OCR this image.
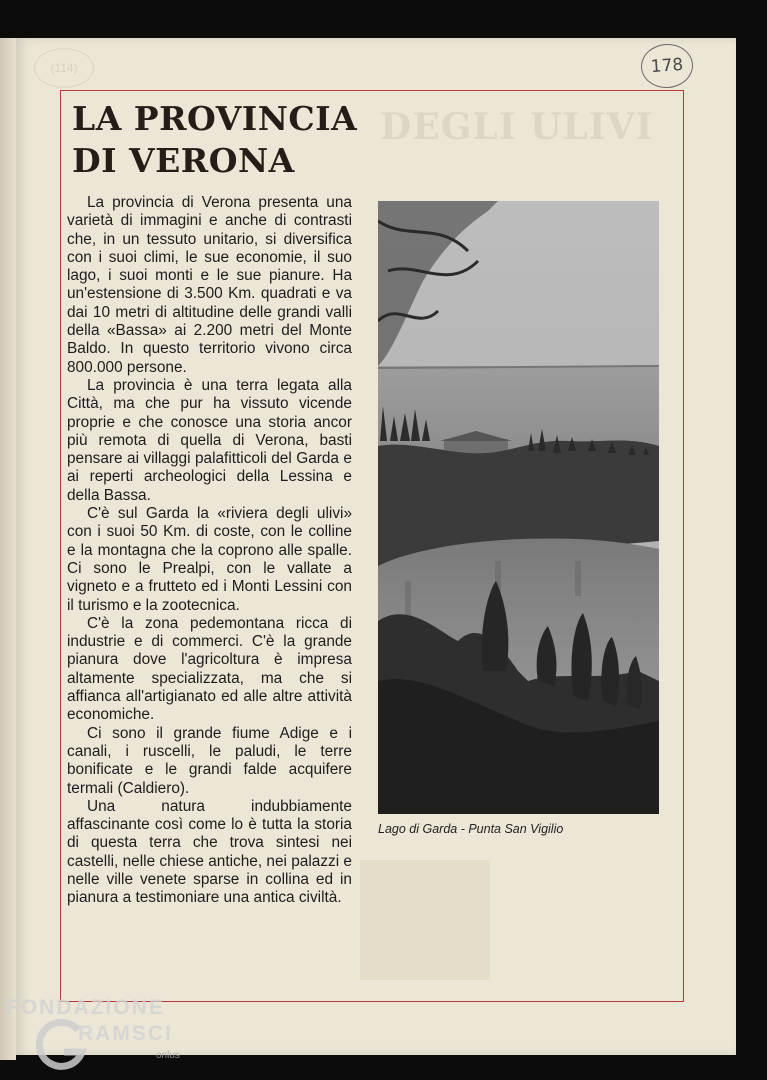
DEGLI ULIVI
(114)	178
LA PROVINCIA
DI VERONA

La provincia di Verona presenta una varietà di immagini e anche di contrasti che, in un tessuto unitario, si diversifica con i suoi climi, le sue economie, il suo lago, i suoi monti e le sue pianure. Ha un'estensione di 3.500 Km. quadrati e va dai 10 metri di altitudine delle grandi valli della «Bassa» ai 2.200 metri del Monte Baldo. In questo territorio vivono circa 800.000 persone.

La provincia è una terra legata alla Città, ma che pur ha vissuto vicende proprie e che conosce una storia ancor più remota di quella di Verona, basti pensare ai villaggi palafitticoli del Garda e ai reperti archeologici della Lessina e della Bassa.

C'è sul Garda la «riviera degli ulivi» con i suoi 50 Km. di coste, con le colline e la montagna che la coprono alle spalle. Ci sono le Prealpi, con le vallate a vigneto e a frutteto ed i Monti Lessini con il turismo e la zootecnica.

C'è la zona pedemontana ricca di industrie e di commerci. C'è la grande pianura dove l'agricoltura è impresa altamente specializzata, ma che si affianca all'artigianato ed alle altre attività economiche.

Ci sono il grande fiume Adige e i canali, i ruscelli, le paludi, le terre bonificate e le grandi falde acquifere termali (Caldiero).

Una natura indubbiamente affascinante così come lo è tutta la storia di questa terra che trova sintesi nei castelli, nelle chiese antiche, nei palazzi e nelle ville venete sparse in collina ed in pianura a testimoniare una antica civiltà.

Lago di Garda - Punta San Vigilio
FONDAZIONE
RAMSCI
onlus
